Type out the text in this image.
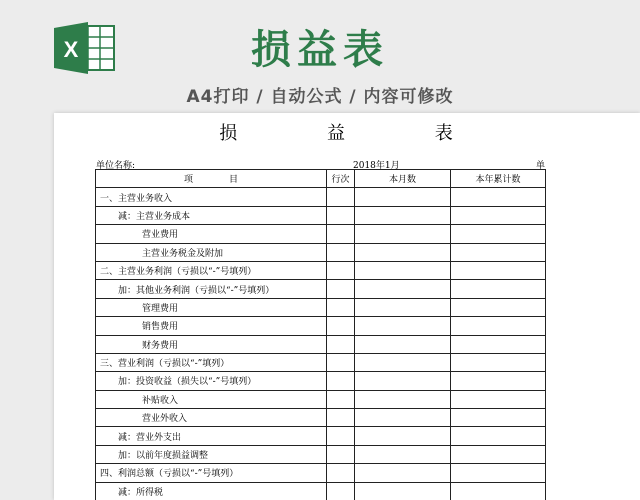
X	损益表
A4打印 / 自动公式 / 内容可修改
损 益 表
单位名称:	2018年1月	单
项　　　　目	行次	本月数	本年累计数

一、主营业务收入			

减：主营业务成本			

营业费用			

主营业务税金及附加			

二、主营业务利润（亏损以“-”号填列）			

加：其他业务利润（亏损以“-”号填列）			

管理费用			

销售费用			

财务费用			

三、营业利润（亏损以“-”填列）			

加：投资收益（损失以“-”号填列）			

补贴收入			

营业外收入			

减：营业外支出			

加：以前年度损益调整			

四、利润总额（亏损以“-”号填列）			

减：所得税			
